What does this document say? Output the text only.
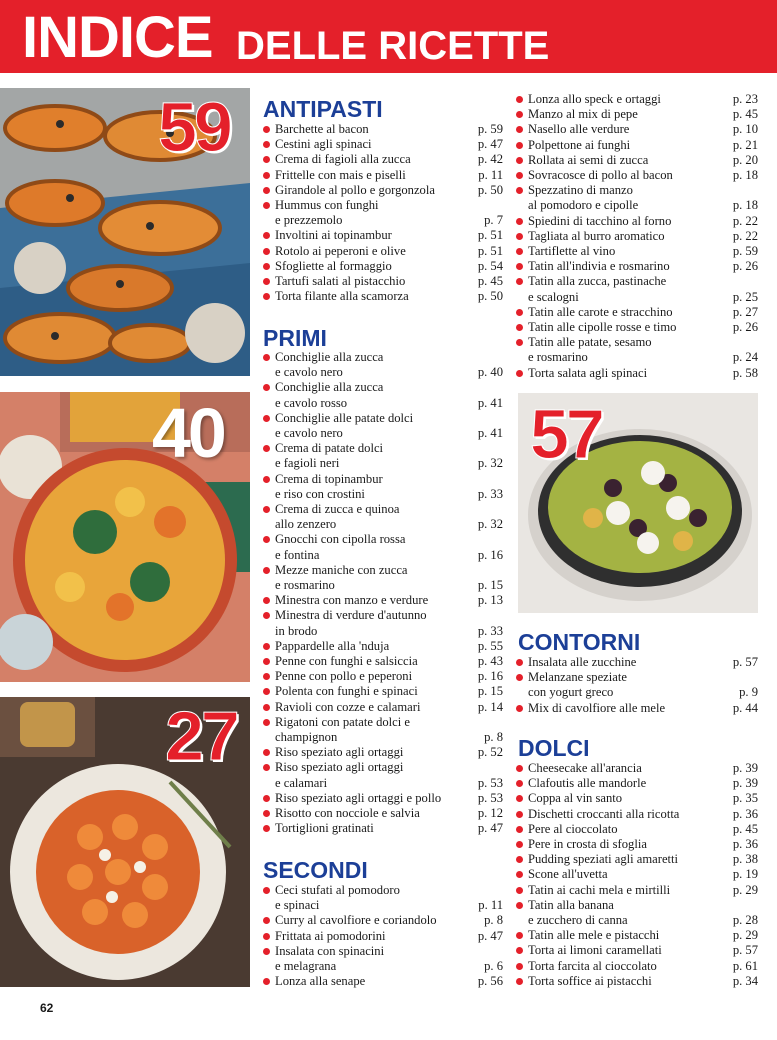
INDICE DELLE RICETTE
59
40
27
57
ANTIPASTI
Barchette al bacon	p. 59
Cestini agli spinaci	p. 47
Crema di fagioli alla zucca	p. 42
Frittelle con mais e piselli	p. 11
Girandole al pollo e gorgonzola	p. 50
Hummus con funghi
e prezzemolo	p. 7
Involtini ai topinambur	p. 51
Rotolo ai peperoni e olive	p. 51
Sfogliette al formaggio	p. 54
Tartufi salati al pistacchio	p. 45
Torta filante alla scamorza	p. 50
PRIMI
Conchiglie alla zucca
e cavolo nero	p. 40
Conchiglie alla zucca
e cavolo rosso	p. 41
Conchiglie alle patate dolci
e cavolo nero	p. 41
Crema di patate dolci
e fagioli neri	p. 32
Crema di topinambur
e riso con crostini	p. 33
Crema di zucca e quinoa
allo zenzero	p. 32
Gnocchi con cipolla rossa
e fontina	p. 16
Mezze maniche con zucca
e rosmarino	p. 15
Minestra con manzo e verdure	p. 13
Minestra di verdure d'autunno
in brodo	p. 33
Pappardelle alla 'nduja	p. 55
Penne con funghi e salsiccia	p. 43
Penne con pollo e peperoni	p. 16
Polenta con funghi e spinaci	p. 15
Ravioli con cozze e calamari	p. 14
Rigatoni con patate dolci e
champignon	p. 8
Riso speziato agli ortaggi	p. 52
Riso speziato agli ortaggi
e calamari	p. 53
Riso speziato agli ortaggi e pollo	p. 53
Risotto con nocciole e salvia	p. 12
Tortiglioni gratinati	p. 47
SECONDI
Ceci stufati al pomodoro
e spinaci	p. 11
Curry al cavolfiore e coriandolo	p. 8
Frittata ai pomodorini	p. 47
Insalata con spinacini
e melagrana	p. 6
Lonza alla senape	p. 56
Lonza allo speck e ortaggi	p. 23
Manzo al mix di pepe	p. 45
Nasello alle verdure	p. 10
Polpettone ai funghi	p. 21
Rollata ai semi di zucca	p. 20
Sovracosce di pollo al bacon	p. 18
Spezzatino di manzo
al pomodoro e cipolle	p. 18
Spiedini di tacchino al forno	p. 22
Tagliata al burro aromatico	p. 22
Tartiflette al vino	p. 59
Tatin all'indivia e rosmarino	p. 26
Tatin alla zucca, pastinache
e scalogni	p. 25
Tatin alle carote e stracchino	p. 27
Tatin alle cipolle rosse e timo	p. 26
Tatin alle patate, sesamo
e rosmarino	p. 24
Torta salata agli spinaci	p. 58
CONTORNI
Insalata alle zucchine	p. 57
Melanzane speziate
con yogurt greco	p. 9
Mix di cavolfiore alle mele	p. 44
DOLCI
Cheesecake all'arancia	p. 39
Clafoutis alle mandorle	p. 39
Coppa al vin santo	p. 35
Dischetti croccanti alla ricotta	p. 36
Pere al cioccolato	p. 45
Pere in crosta di sfoglia	p. 36
Pudding speziati agli amaretti	p. 38
Scone all'uvetta	p. 19
Tatin ai cachi mela e mirtilli	p. 29
Tatin alla banana
e zucchero di canna	p. 28
Tatin alle mele e pistacchi	p. 29
Torta ai limoni caramellati	p. 57
Torta farcita al cioccolato	p. 61
Torta soffice ai pistacchi	p. 34
62
